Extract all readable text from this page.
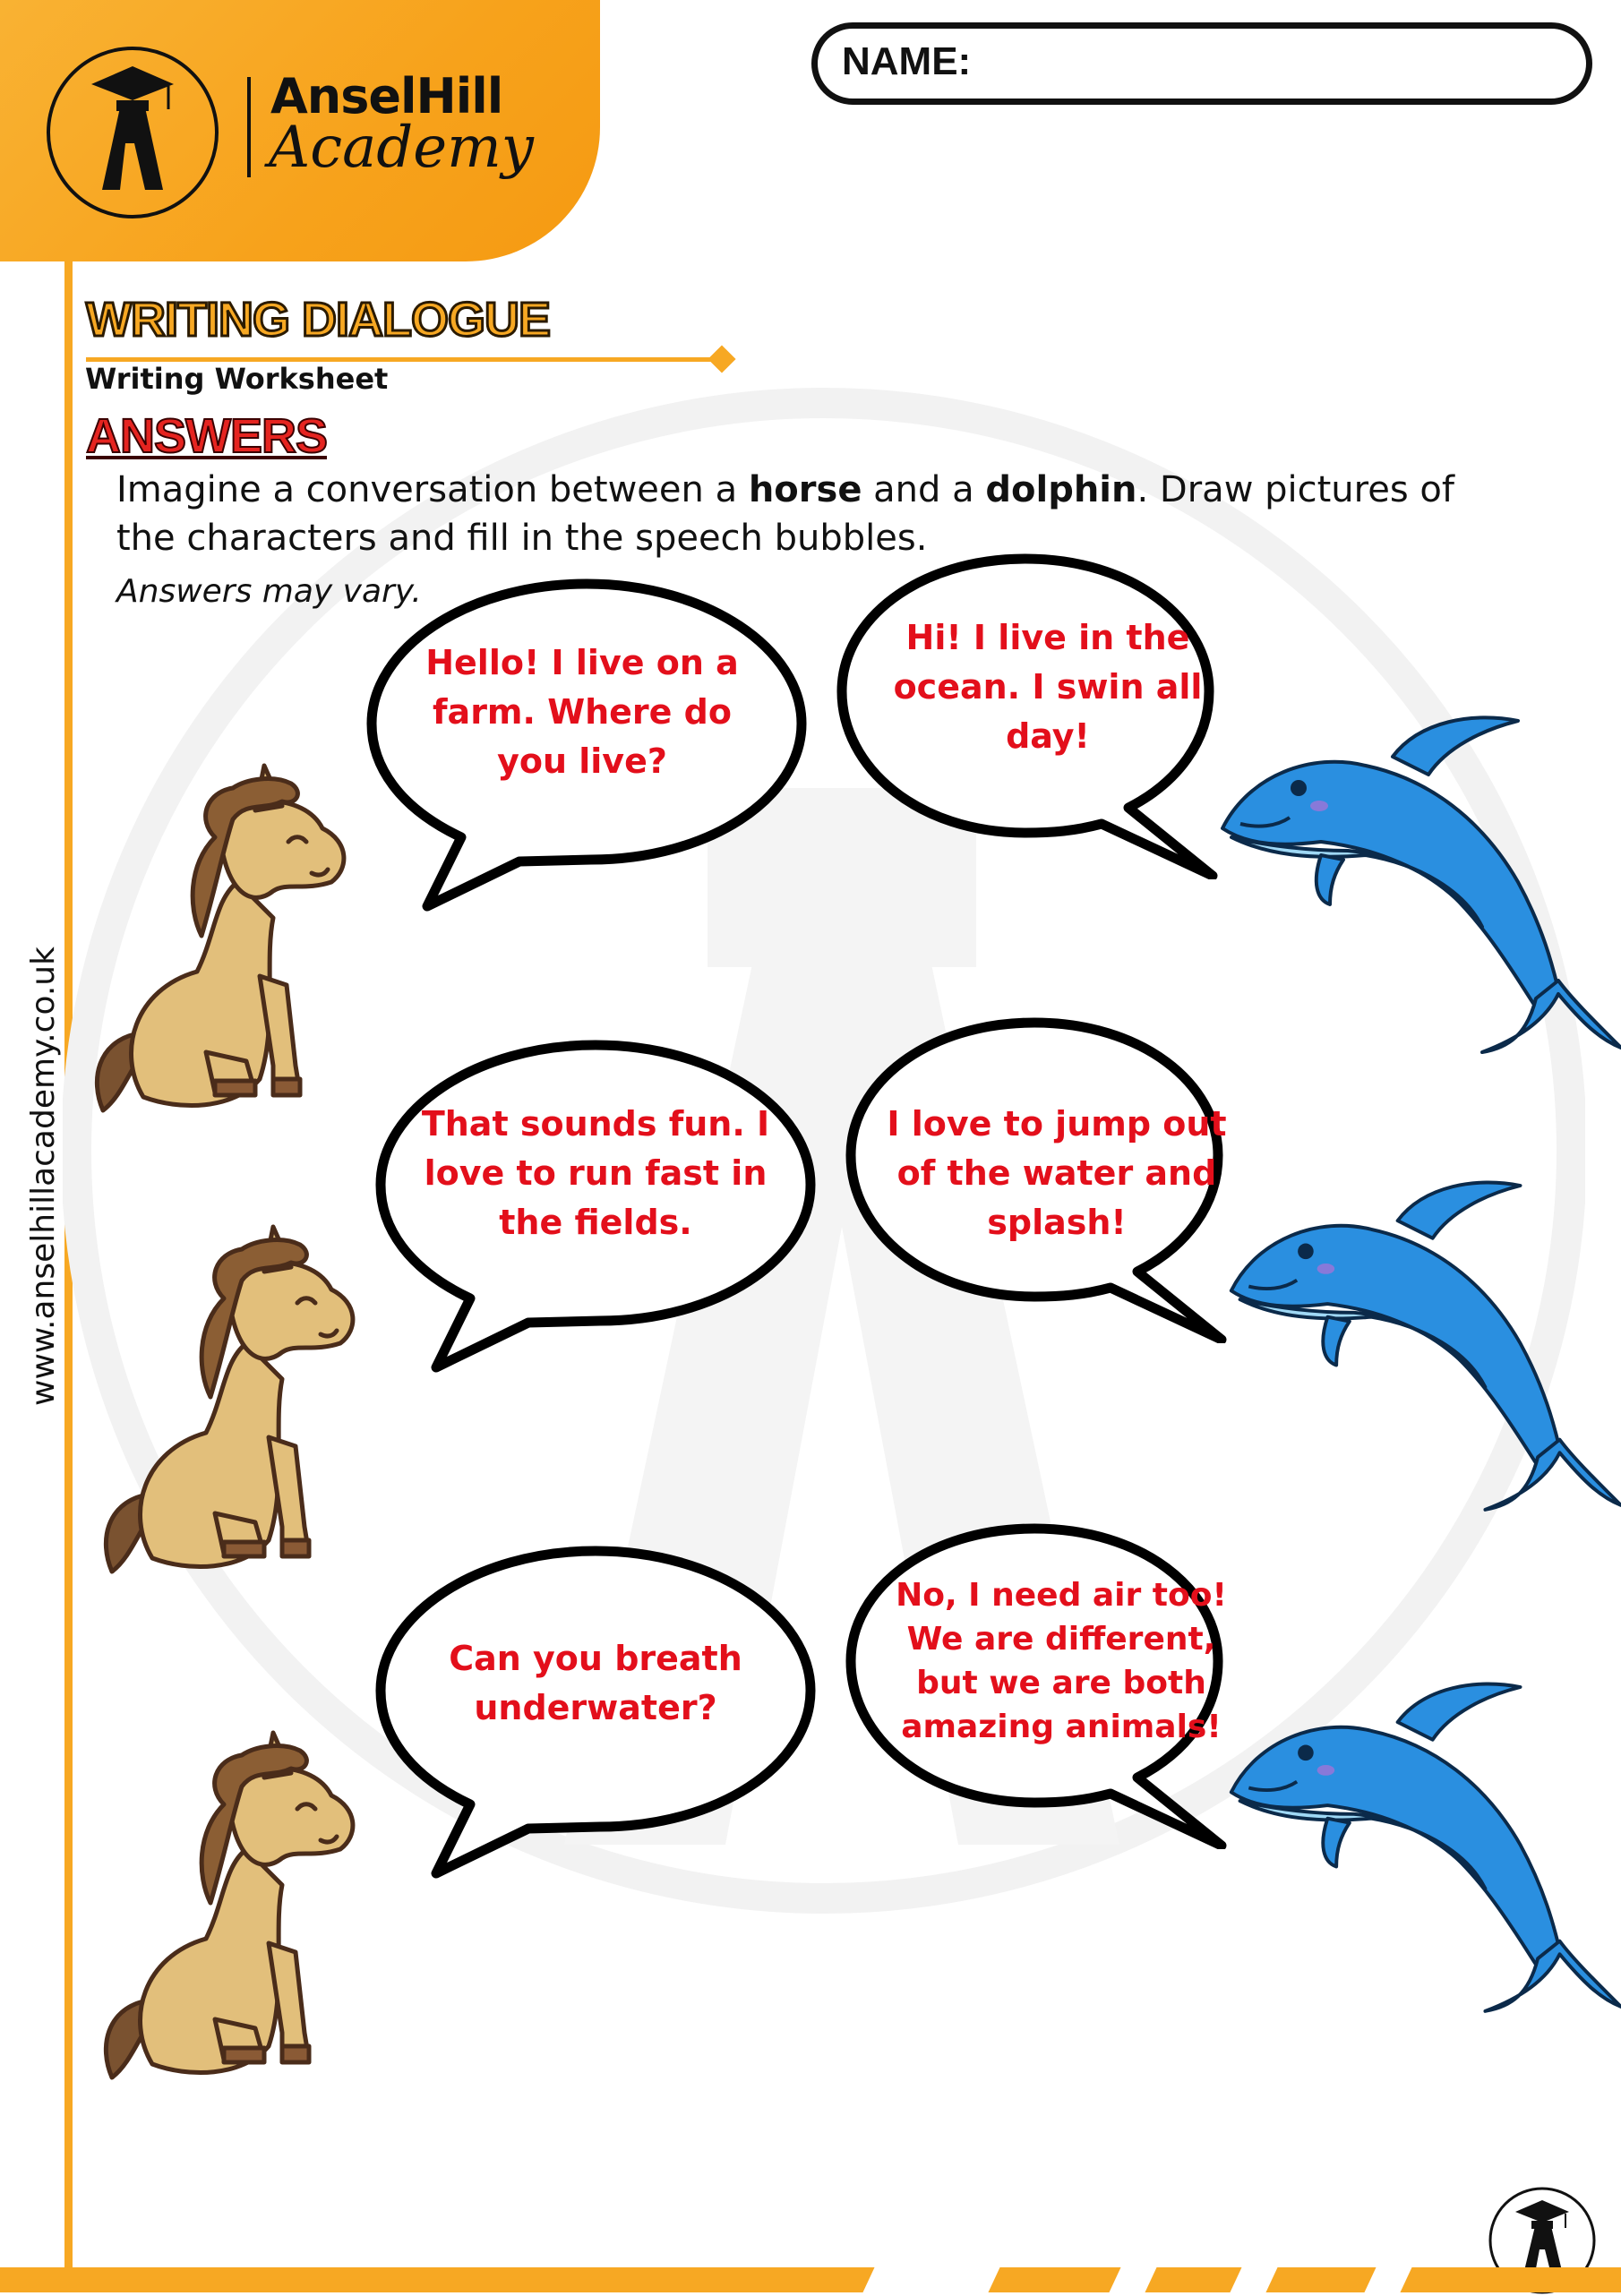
AnselHill
Academy
NAME:
WRITING DIALOGUE
Writing Worksheet
ANSWERS
Imagine a conversation between a horse and a dolphin. Draw pictures of the characters and fill in the speech bubbles.
Answers may vary.
www.anselhillacademy.co.uk
Hello! I live on a farm. Where do you live?
Hi! I live in the ocean. I swin all day!
That sounds fun. I love to run fast in the fields.
I love to jump out of the water and splash!
Can you breath underwater?
No, I need air too! We are different, but we are both amazing animals!
